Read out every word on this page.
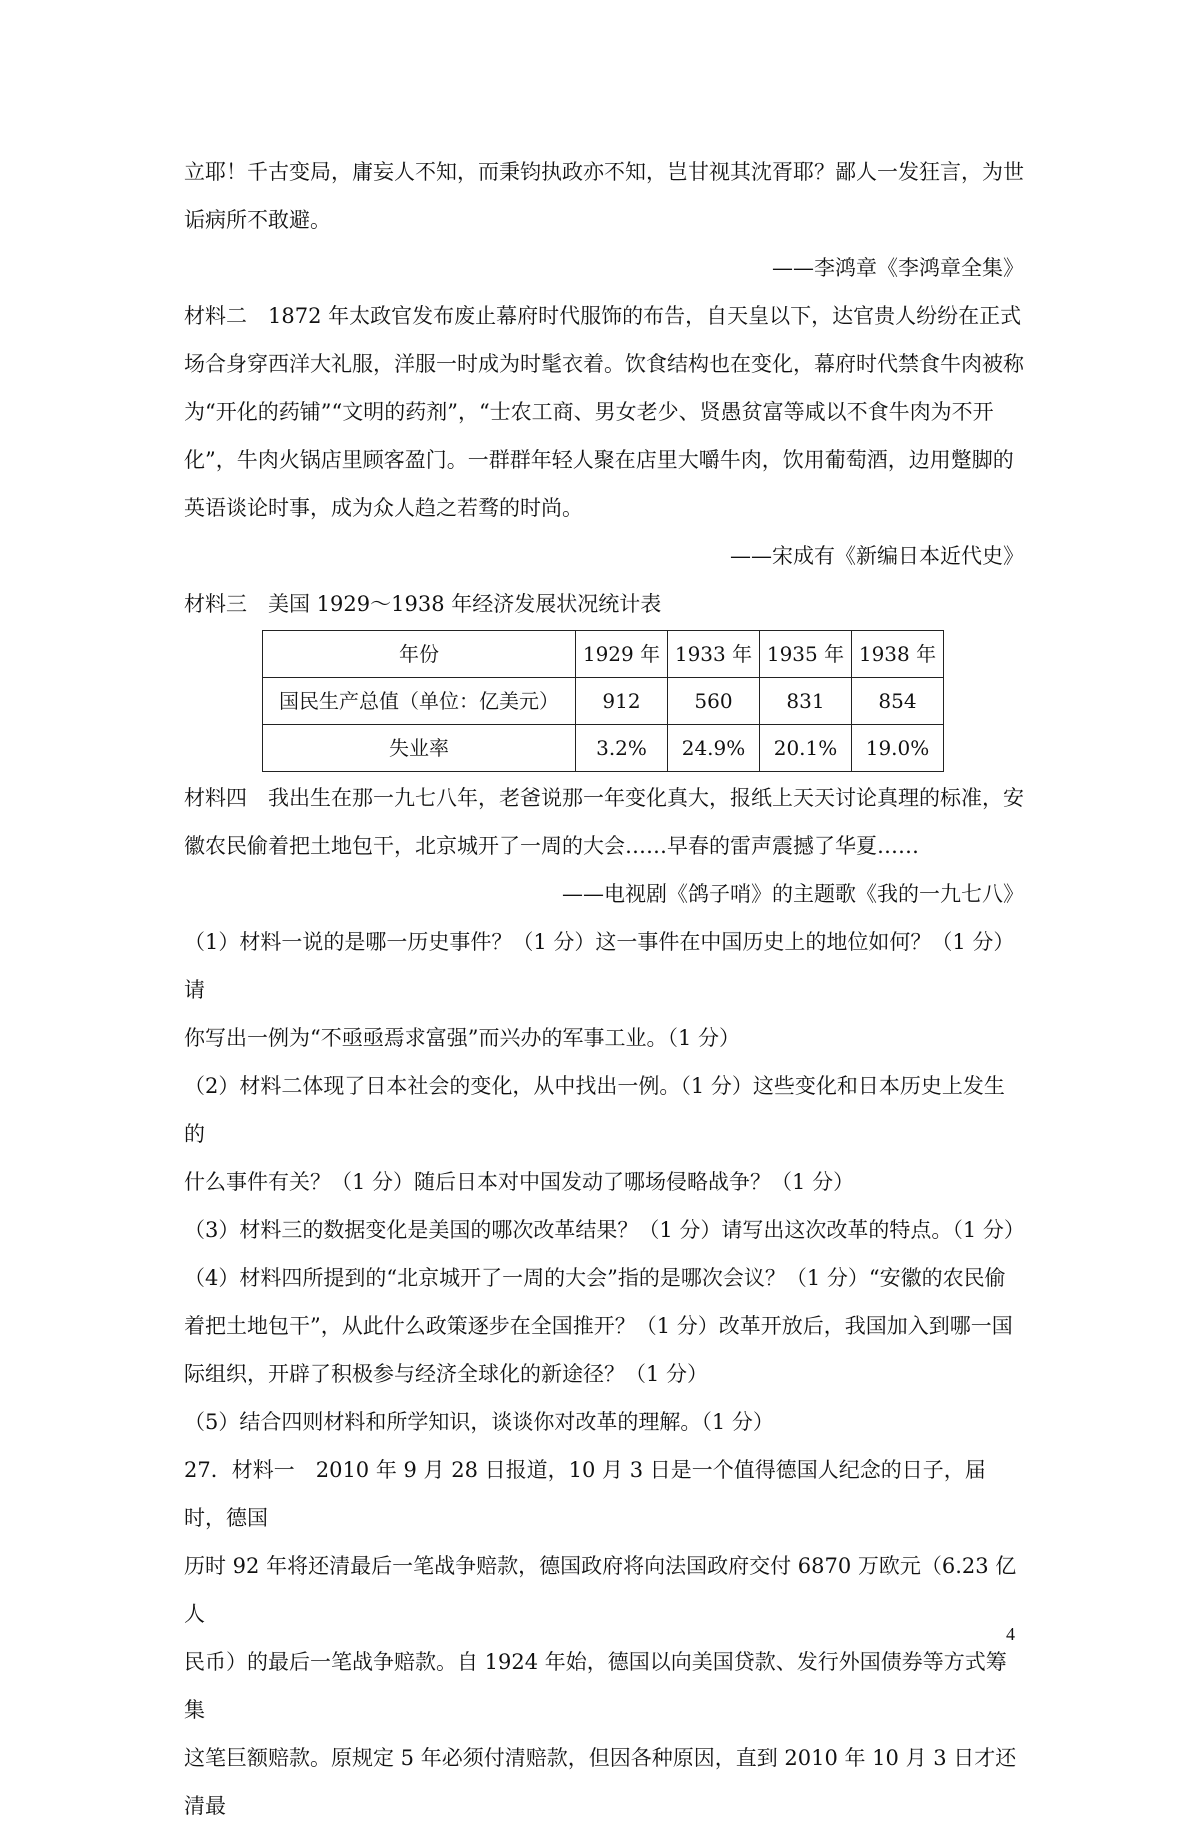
立耶！千古变局，庸妄人不知，而秉钧执政亦不知，岂甘视其沈胥耶？鄙人一发狂言，为世

诟病所不敢避。

——李鸿章《李鸿章全集》

材料二　1872 年太政官发布废止幕府时代服饰的布告，自天皇以下，达官贵人纷纷在正式

场合身穿西洋大礼服，洋服一时成为时髦衣着。饮食结构也在变化，幕府时代禁食牛肉被称

为“开化的药铺”“文明的药剂”，“士农工商、男女老少、贤愚贫富等咸以不食牛肉为不开

化”，牛肉火锅店里顾客盈门。一群群年轻人聚在店里大嚼牛肉，饮用葡萄酒，边用蹩脚的

英语谈论时事，成为众人趋之若骛的时尚。

——宋成有《新编日本近代史》

材料三　美国 1929～1938 年经济发展状况统计表

年份	1929 年	1933 年	1935 年	1938 年
国民生产总值（单位：亿美元）	912	560	831	854
失业率	3.2%	24.9%	20.1%	19.0%

材料四　我出生在那一九七八年，老爸说那一年变化真大，报纸上天天讨论真理的标准，安

徽农民偷着把土地包干，北京城开了一周的大会……早春的雷声震撼了华夏……

——电视剧《鸽子哨》的主题歌《我的一九七八》

（1）材料一说的是哪一历史事件？（1 分）这一事件在中国历史上的地位如何？（1 分）请

你写出一例为“不亟亟焉求富强”而兴办的军事工业。（1 分）

（2）材料二体现了日本社会的变化，从中找出一例。（1 分）这些变化和日本历史上发生的

什么事件有关？（1 分）随后日本对中国发动了哪场侵略战争？（1 分）

（3）材料三的数据变化是美国的哪次改革结果？（1 分）请写出这次改革的特点。（1 分）

（4）材料四所提到的“北京城开了一周的大会”指的是哪次会议？（1 分）“安徽的农民偷

着把土地包干”，从此什么政策逐步在全国推开？（1 分）改革开放后，我国加入到哪一国

际组织，开辟了积极参与经济全球化的新途径？（1 分）

（5）结合四则材料和所学知识，谈谈你对改革的理解。（1 分）

27．材料一　2010 年 9 月 28 日报道，10 月 3 日是一个值得德国人纪念的日子，届时，德国

历时 92 年将还清最后一笔战争赔款，德国政府将向法国政府交付 6870 万欧元（6.23 亿人

民币）的最后一笔战争赔款。自 1924 年始，德国以向美国贷款、发行外国债券等方式筹集

这笔巨额赔款。原规定 5 年必须付清赔款，但因各种原因，直到 2010 年 10 月 3 日才还清最

4
